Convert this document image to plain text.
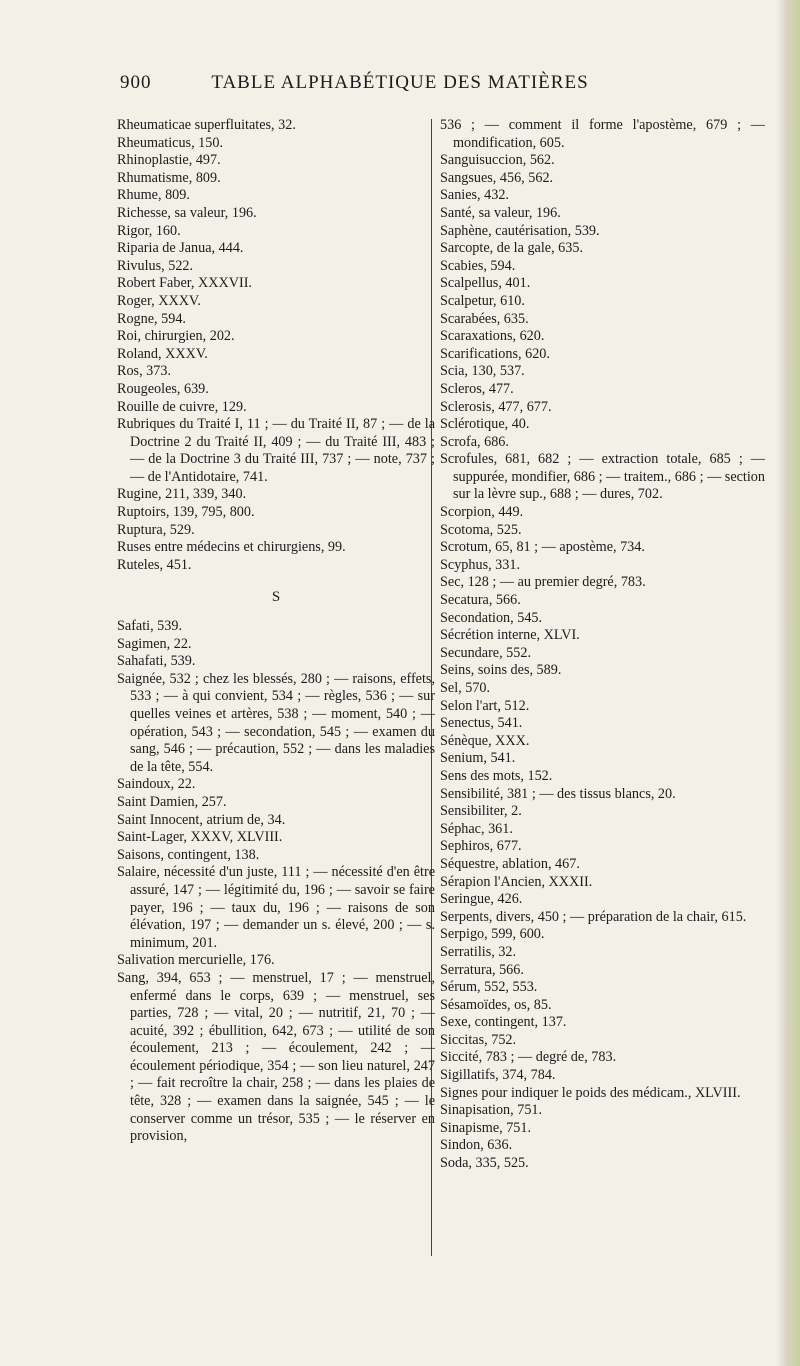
900	TABLE ALPHABÉTIQUE DES MATIÈRES
Rheumaticae superfluitates, 32.
Rheumaticus, 150.
Rhinoplastie, 497.
Rhumatisme, 809.
Rhume, 809.
Richesse, sa valeur, 196.
Rigor, 160.
Riparia de Janua, 444.
Rivulus, 522.
Robert Faber, XXXVII.
Roger, XXXV.
Rogne, 594.
Roi, chirurgien, 202.
Roland, XXXV.
Ros, 373.
Rougeoles, 639.
Rouille de cuivre, 129.
Rubriques du Traité I, 11 ; — du Traité II, 87 ; — de la Doctrine 2 du Traité II, 409 ; — du Traité III, 483 ; — de la Doctrine 3 du Traité III, 737 ; — note, 737 ; — de l'Antidotaire, 741.
Rugine, 211, 339, 340.
Ruptoirs, 139, 795, 800.
Ruptura, 529.
Ruses entre médecins et chirurgiens, 99.
Ruteles, 451.
S
Safati, 539.
Sagimen, 22.
Sahafati, 539.
Saignée, 532 ; chez les blessés, 280 ; — raisons, effets, 533 ; — à qui convient, 534 ; — règles, 536 ; — sur quelles veines et artères, 538 ; — moment, 540 ; — opération, 543 ; — secondation, 545 ; — examen du sang, 546 ; — précaution, 552 ; — dans les maladies de la tête, 554.
Saindoux, 22.
Saint Damien, 257.
Saint Innocent, atrium de, 34.
Saint-Lager, XXXV, XLVIII.
Saisons, contingent, 138.
Salaire, nécessité d'un juste, 111 ; — nécessité d'en être assuré, 147 ; — légitimité du, 196 ; — savoir se faire payer, 196 ; — taux du, 196 ; — raisons de son élévation, 197 ; — demander un s. élevé, 200 ; — s. minimum, 201.
Salivation mercurielle, 176.
Sang, 394, 653 ; — menstruel, 17 ; — menstruel, enfermé dans le corps, 639 ; — menstruel, ses parties, 728 ; — vital, 20 ; — nutritif, 21, 70 ; — acuité, 392 ; ébullition, 642, 673 ; — utilité de son écoulement, 213 ; — écoulement, 242 ; — écoulement périodique, 354 ; — son lieu naturel, 247 ; — fait recroître la chair, 258 ; — dans les plaies de tête, 328 ; — examen dans la saignée, 545 ; — le conserver comme un trésor, 535 ; — le réserver en provision,
536 ; — comment il forme l'apostème, 679 ; — mondification, 605.
Sanguisuccion, 562.
Sangsues, 456, 562.
Sanies, 432.
Santé, sa valeur, 196.
Saphène, cautérisation, 539.
Sarcopte, de la gale, 635.
Scabies, 594.
Scalpellus, 401.
Scalpetur, 610.
Scarabées, 635.
Scaraxations, 620.
Scarifications, 620.
Scia, 130, 537.
Scleros, 477.
Sclerosis, 477, 677.
Sclérotique, 40.
Scrofa, 686.
Scrofules, 681, 682 ; — extraction totale, 685 ; — suppurée, mondifier, 686 ; — traitem., 686 ; — section sur la lèvre sup., 688 ; — dures, 702.
Scorpion, 449.
Scotoma, 525.
Scrotum, 65, 81 ; — apostème, 734.
Scyphus, 331.
Sec, 128 ; — au premier degré, 783.
Secatura, 566.
Secondation, 545.
Sécrétion interne, XLVI.
Secundare, 552.
Seins, soins des, 589.
Sel, 570.
Selon l'art, 512.
Senectus, 541.
Sénèque, XXX.
Senium, 541.
Sens des mots, 152.
Sensibilité, 381 ; — des tissus blancs, 20.
Sensibiliter, 2.
Séphac, 361.
Sephiros, 677.
Séquestre, ablation, 467.
Sérapion l'Ancien, XXXII.
Seringue, 426.
Serpents, divers, 450 ; — préparation de la chair, 615.
Serpigo, 599, 600.
Serratilis, 32.
Serratura, 566.
Sérum, 552, 553.
Sésamoïdes, os, 85.
Sexe, contingent, 137.
Siccitas, 752.
Siccité, 783 ; — degré de, 783.
Sigillatifs, 374, 784.
Signes pour indiquer le poids des médicam., XLVIII.
Sinapisation, 751.
Sinapisme, 751.
Sindon, 636.
Soda, 335, 525.
